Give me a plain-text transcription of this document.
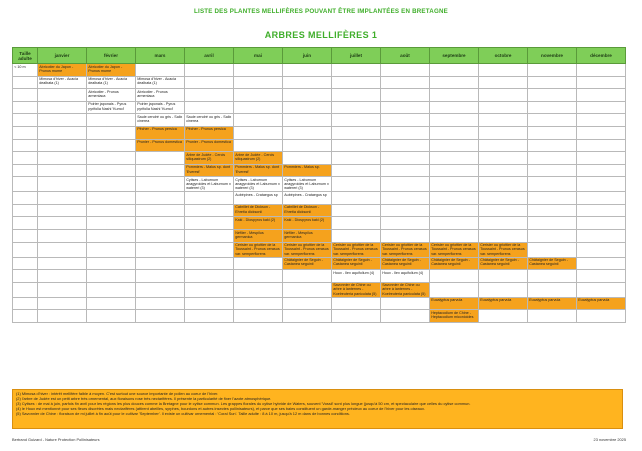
LISTE DES PLANTES MELLIFÈRES POUVANT ÊTRE IMPLANTÉES EN BRETAGNE
ARBRES MELLIFÈRES 1
Taille adulte	janvier	février	mars	avril	mai	juin	juillet	août	septembre	octobre	novembre	décembre
< 10 m	Abricotier du Japon - Prunus mume	Abricotier du Japon - Prunus mume										
	Mimosa d'hiver - Acacia dealbata (1)	Mimosa d'hiver - Acacia dealbata (1)	Mimosa d'hiver - Acacia dealbata (1)									
		Abricotier - Prunus armeniaca	Abricotier - Prunus armeniaca									
		Poirier japonais - Pyrus pyrifolia Nashi 'Kumoi'	Poirier japonais - Pyrus pyrifolia Nashi 'Kumoi'									
			Saule cendré ou gris - Salix cinerea	Saule cendré ou gris - Salix cinerea								
			Pêcher - Prunus persica	Pêcher - Prunus persica								
			Prunier - Prunus domestica	Prunier - Prunus domestica								
				Arbre de Judée - Cercis siliquastrum (2)	Arbre de Judée - Cercis siliquastrum (2)							
				Pommiers - Malus sp. dont 'Everest'	Pommiers - Malus sp. dont 'Everest'	Pommiers - Malus sp.						
				Cytises - Laburnum anagyroides et Laburnum x watereri (3)	Cytises - Laburnum anagyroides et Laburnum x watereri (3)	Cytises - Laburnum anagyroides et Laburnum x watereri (3)						
					Aubépines - Crataegus sp	Aubépines - Crataegus sp						
					Cabrillet de Dickson - Ehretia dicksonii	Cabrillet de Dickson - Ehretia dicksonii						
					Kaki - Diospyros kaki (2)	Kaki - Diospyros kaki (2)						
					Néflier - Mespilus germanica	Néflier - Mespilus germanica						
					Cerisier ou griottier de la Toussaint - Prunus cerasus var. semperflorens	Cerisier ou griottier de la Toussaint - Prunus cerasus var. semperflorens	Cerisier ou griottier de la Toussaint - Prunus cerasus var. semperflorens	Cerisier ou griottier de la Toussaint - Prunus cerasus var. semperflorens	Cerisier ou griottier de la Toussaint - Prunus cerasus var. semperflorens	Cerisier ou griottier de la Toussaint - Prunus cerasus var. semperflorens		
						Châtaignier de Seguin - Castanea seguinii	Châtaignier de Seguin - Castanea seguinii	Châtaignier de Seguin - Castanea seguinii	Châtaignier de Seguin - Castanea seguinii	Châtaignier de Seguin - Castanea seguinii	Châtaignier de Seguin - Castanea seguinii	
							Houx - Ilex aquifolium (4)	Houx - Ilex aquifolium (4)				
							Savonnier de Chine ou arbre à lanternes - Koelreuteria paniculata (5)	Savonnier de Chine ou arbre à lanternes - Koelreuteria paniculata (5)				
									Eucalyptus parvula	Eucalyptus parvula	Eucalyptus parvula	Eucalyptus parvula
									Heptacodium de Chine - Heptacodium miconioides			

(1) Mimosa d'hiver : intérêt mellifère faible à moyen. C'est surtout une source importante de pollen au coeur de l'hiver.

(2) l'arbre de Judée est un petit arbre très ornemental, aux floraisons rose très nectarifères. Il présente la particularité de fixer l'azote atmosphérique.

(3) Cytises : de mai à juin, parfois fin avril pour les régions les plus douces comme la Bretagne pour le cytise commun. Les grappes florales du cytise hybride de Waters, souvent 'Vossii' sont plus longue (jusqu'à 50 cm, et spectaculaire que celles du cytise commun.

(4) le Houx est mentionné pour ses fleurs discrètes mais nectarifères (attirent abeilles, syrphes, bourdons et autres insectes pollinisateurs), et parce que ses baies constituent un garde-manger précieux au coeur de l'hiver pour les oiseaux.

(5) Savonnier de Chine : floraison de mi juillet à fin août pour le cultivar 'September'. Il existe un cultivar ornemental : 'Coral Sun'. Taille adulte : 8 à 10 m, jusqu'à 12 m dans de bonnes conditions.

Bertrand Guizard - Nature Protection Pollinisateurs	23 novembre 2025
